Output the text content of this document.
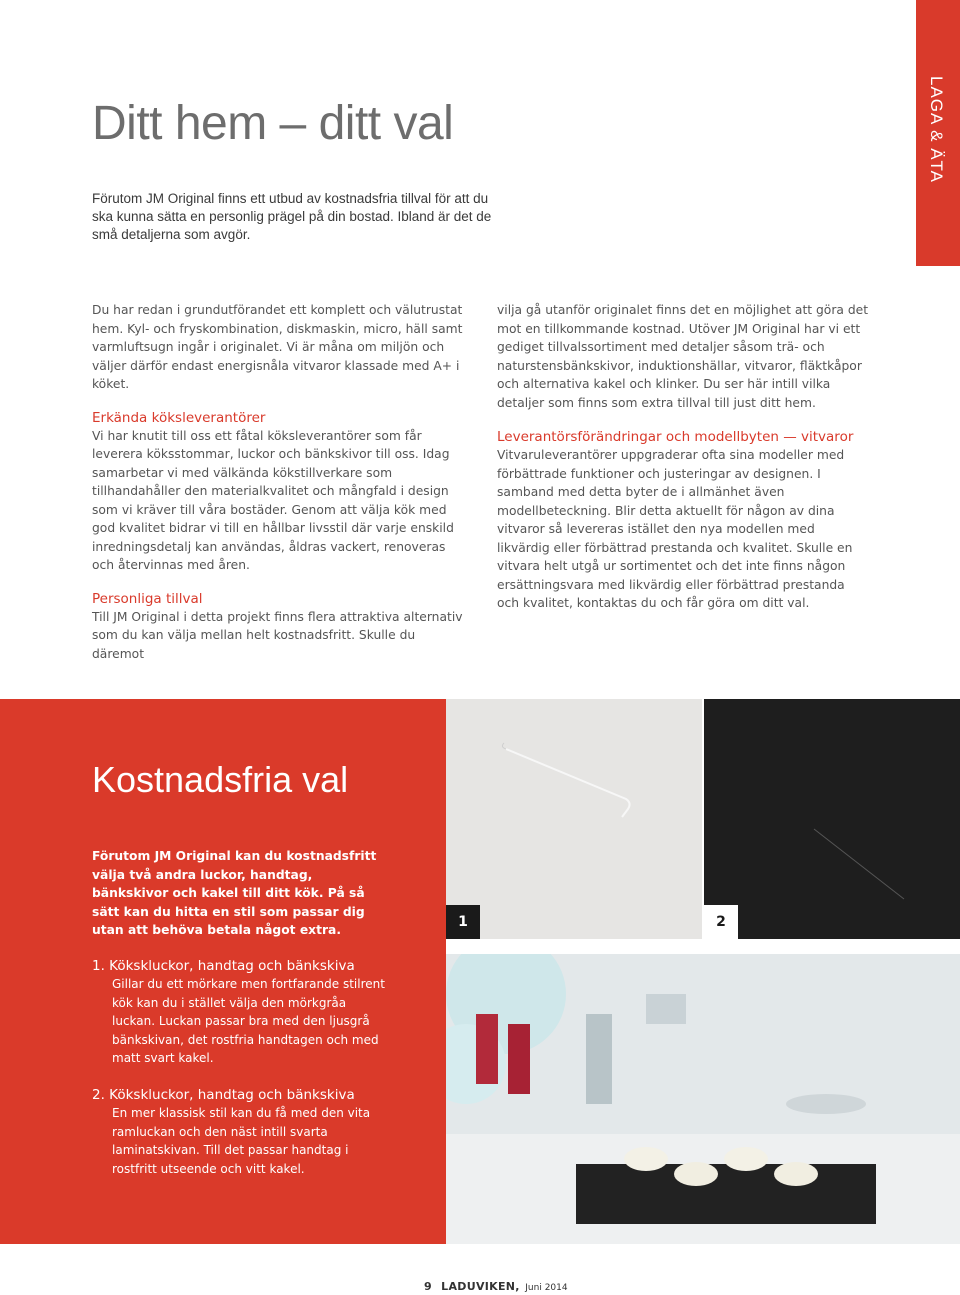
LAGA & ÄTA
Ditt hem – ditt val

Förutom JM Original finns ett utbud av kostnadsfria tillval för att du ska kunna sätta en personlig prägel på din bostad. Ibland är det de små detaljerna som avgör.

Du har redan i grundutförandet ett komplett och välutrustat hem. Kyl- och fryskombination, diskmaskin, micro, häll samt varmluftsugn ingår i originalet. Vi är måna om miljön och väljer därför endast energisnåla vitvaror klassade med A+ i köket.

Erkända köksleverantörer

Vi har knutit till oss ett fåtal köksleverantörer som får leverera köksstommar, luckor och bänkskivor till oss. Idag samarbetar vi med välkända kökstillverkare som tillhandahåller den materialkvalitet och mångfald i design som vi kräver till våra bostäder. Genom att välja kök med god kvalitet bidrar vi till en hållbar livsstil där varje enskild inredningsdetalj kan användas, åldras vackert, renoveras och återvinnas med åren.

Personliga tillval

Till JM Original i detta projekt finns flera attraktiva alternativ som du kan välja mellan helt kostnadsfritt. Skulle du däremot

vilja gå utanför originalet finns det en möjlighet att göra det mot en tillkommande kostnad. Utöver JM Original har vi ett gediget tillvalssortiment med detaljer såsom trä- och naturstensbänkskivor, induktionshällar, vitvaror, fläktkåpor och alternativa kakel och klinker. Du ser här intill vilka detaljer som finns som extra tillval till just ditt hem.

Leverantörsförändringar och modellbyten — vitvaror

Vitvaruleverantörer uppgraderar ofta sina modeller med förbättrade funktioner och justeringar av designen. I samband med detta byter de i allmänhet även modellbeteckning. Blir detta aktuellt för någon av dina vitvaror så levereras istället den nya modellen med likvärdig eller förbättrad prestanda och kvalitet. Skulle en vitvara helt utgå ur sortimentet och det inte finns någon ersättningsvara med likvärdig eller förbättrad prestanda och kvalitet, kontaktas du och får göra om ditt val.

Kostnadsfria val

Förutom JM Original kan du kostnadsfritt välja två andra luckor, handtag, bänkskivor och kakel till ditt kök. På så sätt kan du hitta en stil som passar dig utan att behöva betala något extra.

1. Kökskluckor, handtag och bänkskiva
Gillar du ett mörkare men fortfarande stilrent kök kan du i stället välja den mörkgråa luckan. Luckan passar bra med den ljusgrå bänkskivan, det rostfria handtagen och med matt svart kakel.
2. Kökskluckor, handtag och bänkskiva
En mer klassisk stil kan du få med den vita ramluckan och den näst intill svarta laminatskivan. Till det passar handtag i rostfritt utseende och vitt kakel.
1	2
9 LADUVIKEN, Juni 2014
